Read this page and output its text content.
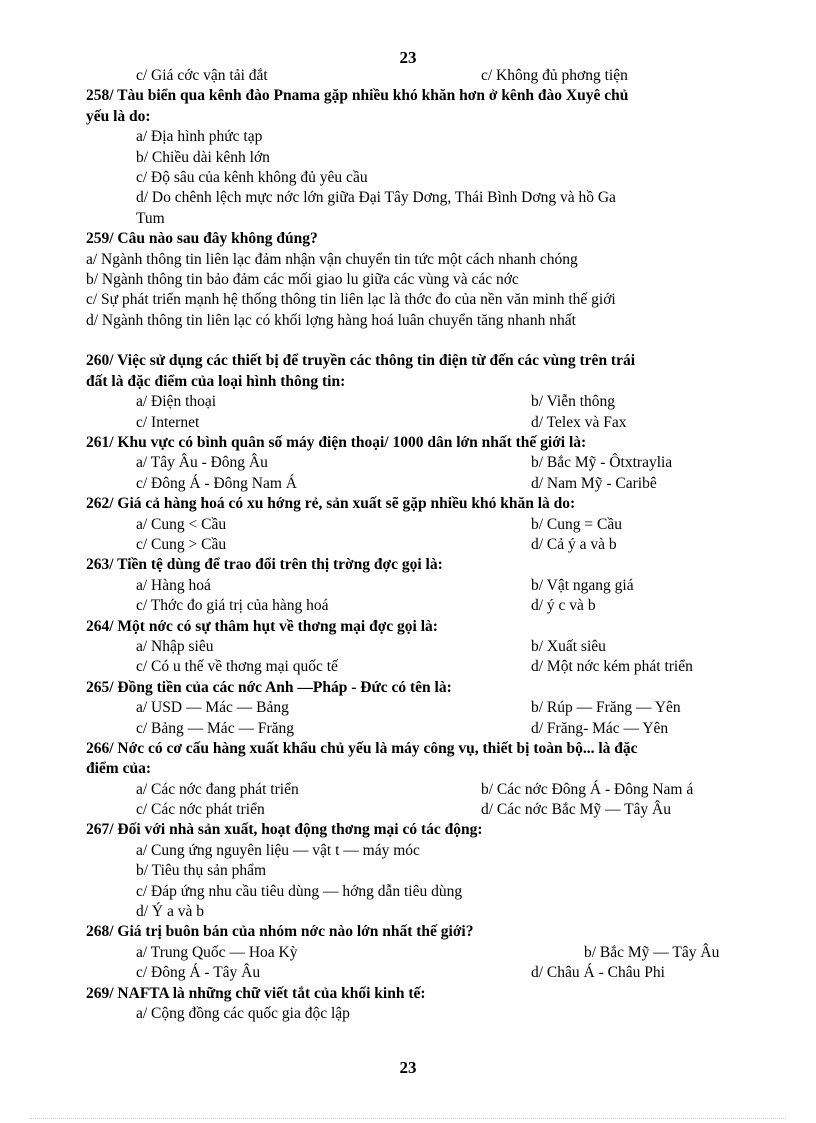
23
c/ Giá cớc vận tải đắt	c/ Không đủ phơng tiện
258/ Tàu biển qua kênh đào Pnama gặp nhiều khó khăn hơn ở kênh đào Xuyê chủ
yếu là do:
a/ Địa hình phức tạp
b/ Chiều dài kênh lớn
c/ Độ sâu của kênh không đủ yêu cầu
d/ Do chênh lệch mực nớc lớn giữa Đại Tây Dơng, Thái Bình Dơng và hồ Ga
Tum
259/ Câu nào sau đây không đúng?
a/ Ngành thông tin liên lạc đảm nhận vận chuyển tin tức một cách nhanh chóng
b/ Ngành thông tin bảo đảm các mối giao lu giữa các vùng và các nớc
c/ Sự phát triển mạnh hệ thống thông tin liên lạc là thớc đo của nền văn minh thế giới
d/ Ngành thông tin liên lạc có khối lợng hàng hoá luân chuyển tăng nhanh nhất
260/ Việc sử dụng các thiết bị để truyền các thông tin điện từ đến các vùng trên trái
đất là đặc điểm của loại hình thông tin:
a/ Điện thoại	b/ Viễn thông
c/ Internet	d/ Telex và Fax
261/ Khu vực có bình quân số máy điện thoại/ 1000 dân lớn nhất thế giới là:
a/ Tây Âu - Đông Âu	b/ Bắc Mỹ - Ôtxtraylia
c/ Đông Á - Đông Nam Á	d/ Nam Mỹ - Caribê
262/ Giá cả hàng hoá có xu hớng rẻ, sản xuất sẽ gặp nhiều khó khăn là do:
a/ Cung < Cầu	b/ Cung = Cầu
c/ Cung > Cầu	d/ Cả ý a và b
263/ Tiền tệ dùng để trao đổi trên thị trờng đợc gọi là:
a/ Hàng hoá	b/ Vật ngang giá
c/ Thớc đo giá trị của hàng hoá	d/ ý c và b
264/ Một nớc có sự thâm hụt về thơng mại đợc gọi là:
a/ Nhập siêu	b/ Xuất siêu
c/ Có u thế về thơng mại quốc tế	d/ Một nớc kém phát triển
265/ Đồng tiền của các nớc Anh —Pháp - Đức có tên là:
a/ USD — Mác — Bảng	b/ Rúp — Frăng — Yên
c/ Bảng — Mác — Frăng	d/ Frăng- Mác — Yên
266/ Nớc có cơ cấu hàng xuất khẩu chủ yếu là máy công vụ, thiết bị toàn bộ... là đặc
điểm của:
a/ Các nớc đang phát triển	b/ Các nớc Đông Á - Đông Nam á
c/ Các nớc phát triển	d/ Các nớc Bắc Mỹ — Tây Âu
267/ Đối với nhà sản xuất, hoạt động thơng mại có tác động:
a/ Cung ứng nguyên liệu — vật t — máy móc
b/ Tiêu thụ sản phẩm
c/ Đáp ứng nhu cầu tiêu dùng — hớng dẫn tiêu dùng
d/ Ý a và b
268/ Giá trị buôn bán của nhóm nớc nào lớn nhất thế giới?
a/ Trung Quốc — Hoa Kỳ	b/ Bắc Mỹ — Tây Âu
c/ Đông Á - Tây Âu	d/ Châu Á - Châu Phi
269/ NAFTA là những chữ viết tắt của khối kinh tế:
a/ Cộng đồng các quốc gia độc lập
23
